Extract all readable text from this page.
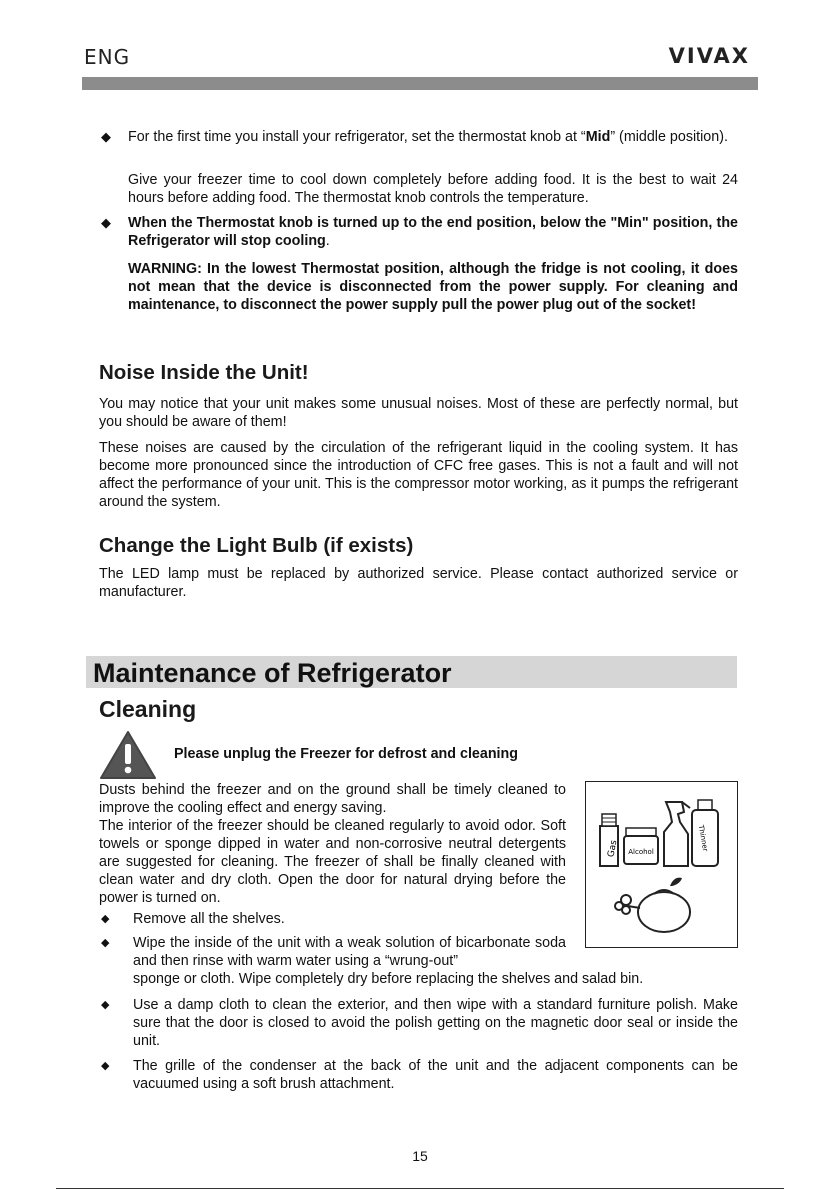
ENG	VIVAX
◆ For the first time you install your refrigerator, set the thermostat knob at “Mid” (middle position).
Give your freezer time to cool down completely before adding food. It is the best to wait 24 hours before adding food. The thermostat knob controls the temperature.
◆ When the Thermostat knob is turned up to the end position, below the "Min" position, the Refrigerator will stop cooling.
WARNING: In the lowest Thermostat position, although the fridge is not cooling, it does not mean that the device is disconnected from the power supply. For cleaning and maintenance, to disconnect the power supply pull the power plug out of the socket!
Noise Inside the Unit!
You may notice that your unit makes some unusual noises. Most of these are perfectly normal, but you should be aware of them!
These noises are caused by the circulation of the refrigerant liquid in the cooling system. It has become more pronounced since the introduction of CFC free gases. This is not a fault and will not affect the performance of your unit. This is the compressor motor working, as it pumps the refrigerant around the system.
Change the Light Bulb (if exists)
The LED lamp must be replaced by authorized service. Please contact authorized service or manufacturer.
Maintenance of Refrigerator
Cleaning
Please unplug the Freezer for defrost and cleaning
Dusts behind the freezer and on the ground shall be timely cleaned to improve the cooling effect and energy saving.
The interior of the freezer should be cleaned regularly to avoid odor. Soft towels or sponge dipped in water and non-corrosive neutral detergents are suggested for cleaning. The freezer of shall be finally cleaned with clean water and dry cloth. Open the door for natural drying before the power is turned on.
◆ Remove all the shelves.
◆ Wipe the inside of the unit with a weak solution of bicarbonate soda and then rinse with warm water using a “wrung-out”
sponge or cloth. Wipe completely dry before replacing the shelves and salad bin.
◆ Use a damp cloth to clean the exterior, and then wipe with a standard furniture polish. Make sure that the door is closed to avoid the polish getting on the magnetic door seal or inside the unit.
◆ The grille of the condenser at the back of the unit and the adjacent components can be vacuumed using a soft brush attachment.
Gas Alcohol	Thinner
15
